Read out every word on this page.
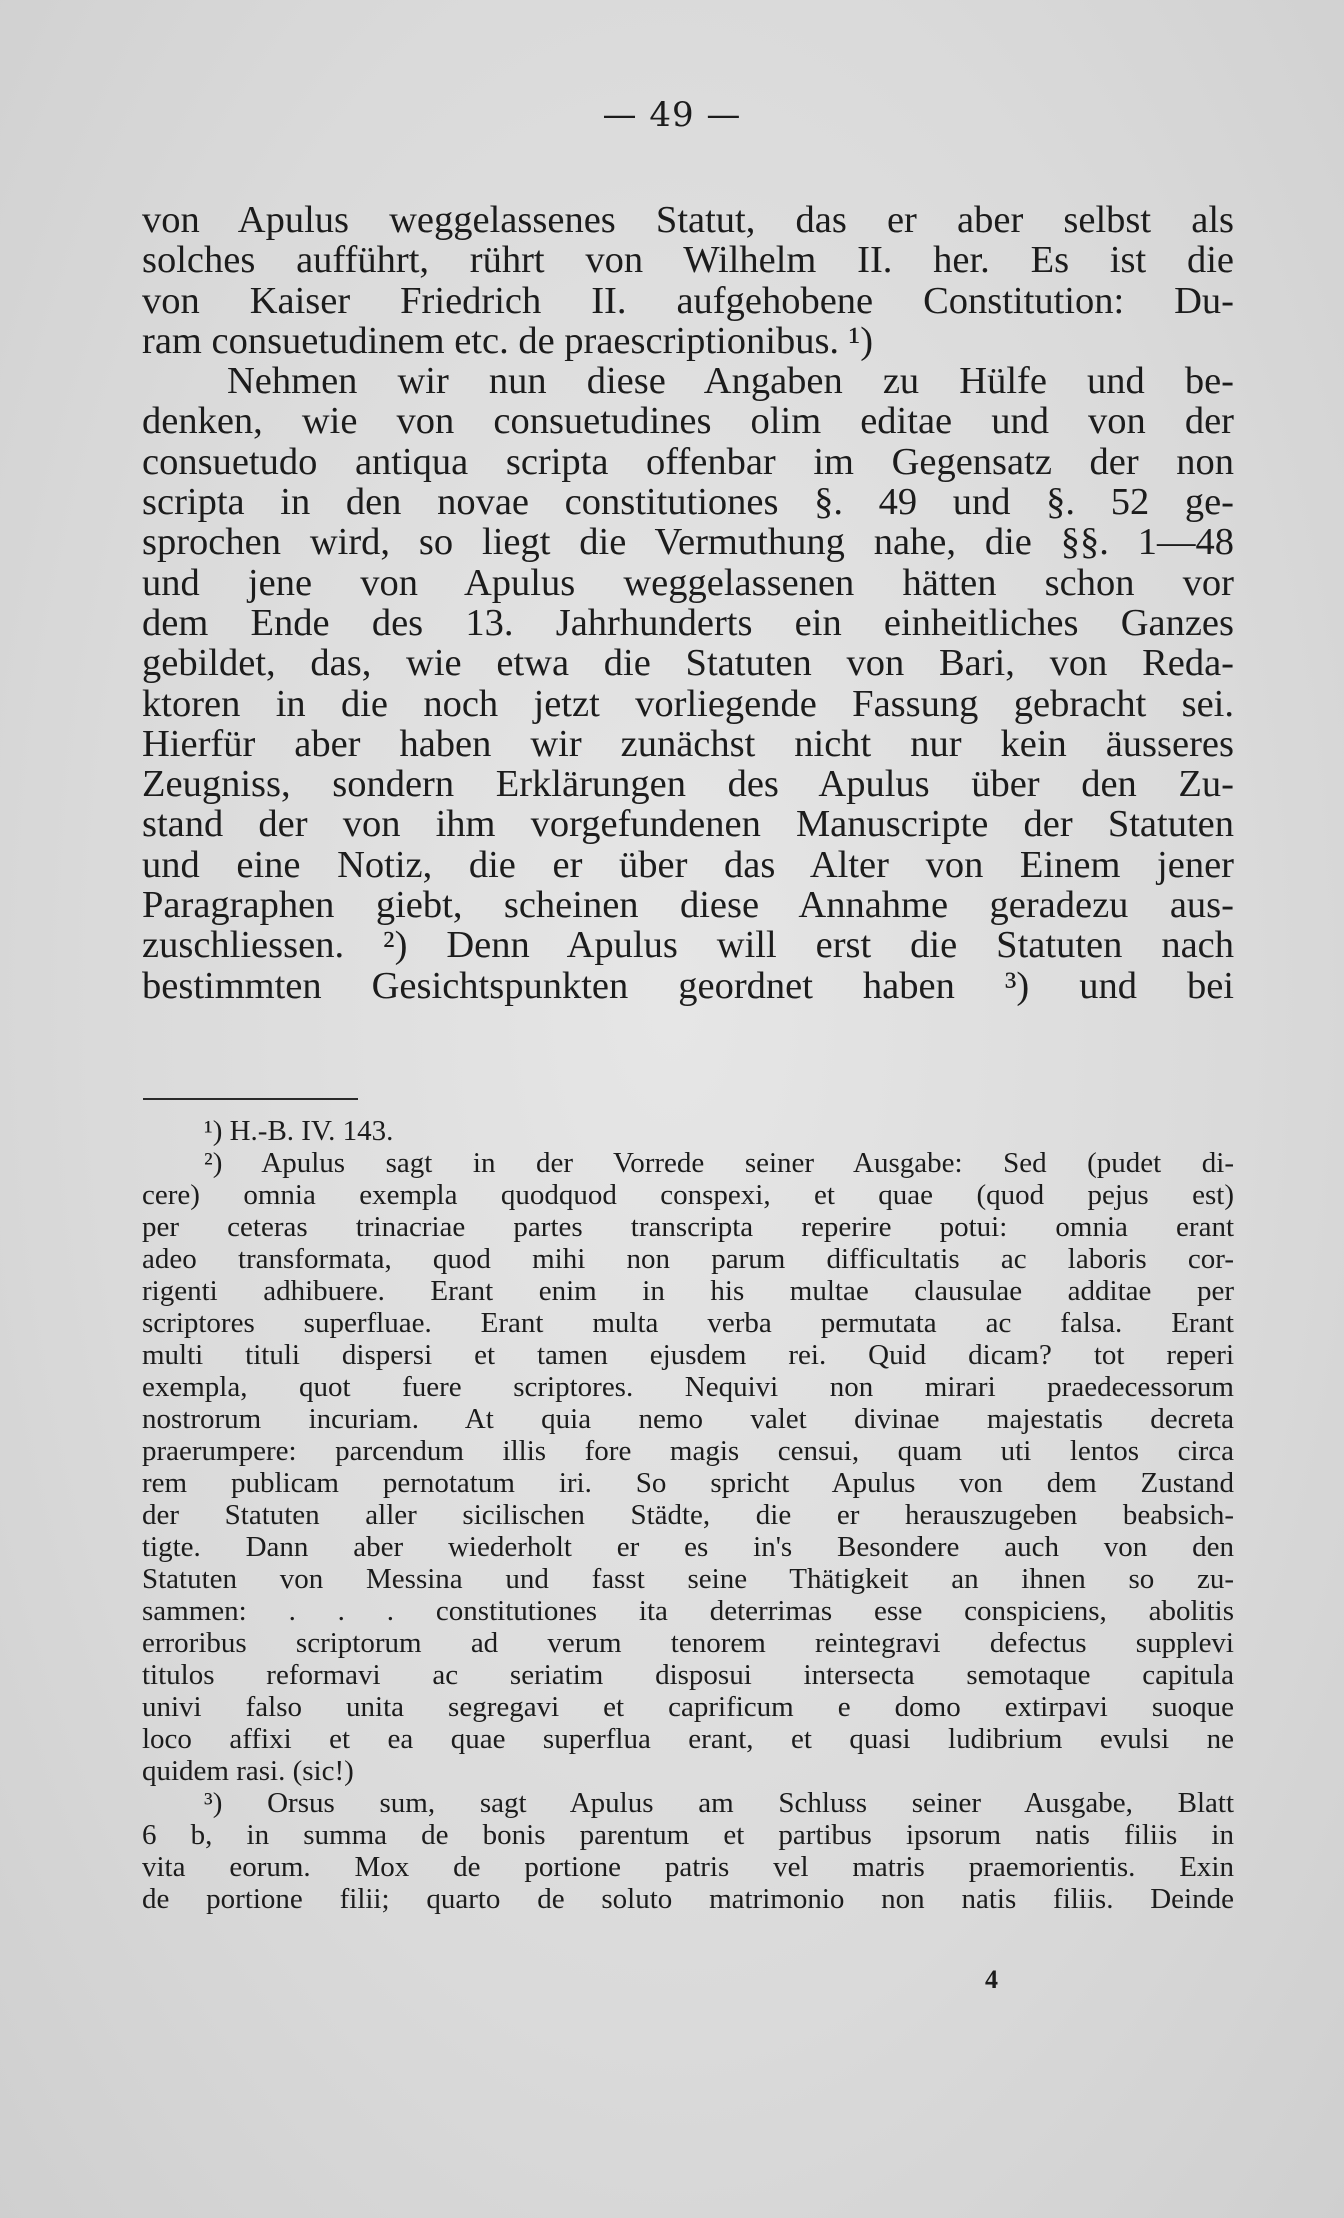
— 49 —
von Apulus weggelassenes Statut, das er aber selbst als
solches aufführt, rührt von Wilhelm II. her. Es ist die
von Kaiser Friedrich II. aufgehobene Constitution: Du-
ram consuetudinem etc. de praescriptionibus. ¹)
Nehmen wir nun diese Angaben zu Hülfe und be-
denken, wie von consuetudines olim editae und von der
consuetudo antiqua scripta offenbar im Gegensatz der non
scripta in den novae constitutiones §. 49 und §. 52 ge-
sprochen wird, so liegt die Vermuthung nahe, die §§. 1—48
und jene von Apulus weggelassenen hätten schon vor
dem Ende des 13. Jahrhunderts ein einheitliches Ganzes
gebildet, das, wie etwa die Statuten von Bari, von Reda-
ktoren in die noch jetzt vorliegende Fassung gebracht sei.
Hierfür aber haben wir zunächst nicht nur kein äusseres
Zeugniss, sondern Erklärungen des Apulus über den Zu-
stand der von ihm vorgefundenen Manuscripte der Statuten
und eine Notiz, die er über das Alter von Einem jener
Paragraphen giebt, scheinen diese Annahme geradezu aus-
zuschliessen. ²) Denn Apulus will erst die Statuten nach
bestimmten Gesichtspunkten geordnet haben ³) und bei
¹) H.-B. IV. 143.
²) Apulus sagt in der Vorrede seiner Ausgabe: Sed (pudet di-
cere) omnia exempla quodquod conspexi, et quae (quod pejus est)
per ceteras trinacriae partes transcripta reperire potui: omnia erant
adeo transformata, quod mihi non parum difficultatis ac laboris cor-
rigenti adhibuere. Erant enim in his multae clausulae additae per
scriptores superfluae. Erant multa verba permutata ac falsa. Erant
multi tituli dispersi et tamen ejusdem rei. Quid dicam? tot reperi
exempla, quot fuere scriptores. Nequivi non mirari praedecessorum
nostrorum incuriam. At quia nemo valet divinae majestatis decreta
praerumpere: parcendum illis fore magis censui, quam uti lentos circa
rem publicam pernotatum iri. So spricht Apulus von dem Zustand
der Statuten aller sicilischen Städte, die er herauszugeben beabsich-
tigte. Dann aber wiederholt er es in's Besondere auch von den
Statuten von Messina und fasst seine Thätigkeit an ihnen so zu-
sammen: . . . constitutiones ita deterrimas esse conspiciens, abolitis
erroribus scriptorum ad verum tenorem reintegravi defectus supplevi
titulos reformavi ac seriatim disposui intersecta semotaque capitula
univi falso unita segregavi et caprificum e domo extirpavi suoque
loco affixi et ea quae superflua erant, et quasi ludibrium evulsi ne
quidem rasi. (sic!)
³) Orsus sum, sagt Apulus am Schluss seiner Ausgabe, Blatt
6 b, in summa de bonis parentum et partibus ipsorum natis filiis in
vita eorum. Mox de portione patris vel matris praemorientis. Exin
de portione filii; quarto de soluto matrimonio non natis filiis. Deinde
4
